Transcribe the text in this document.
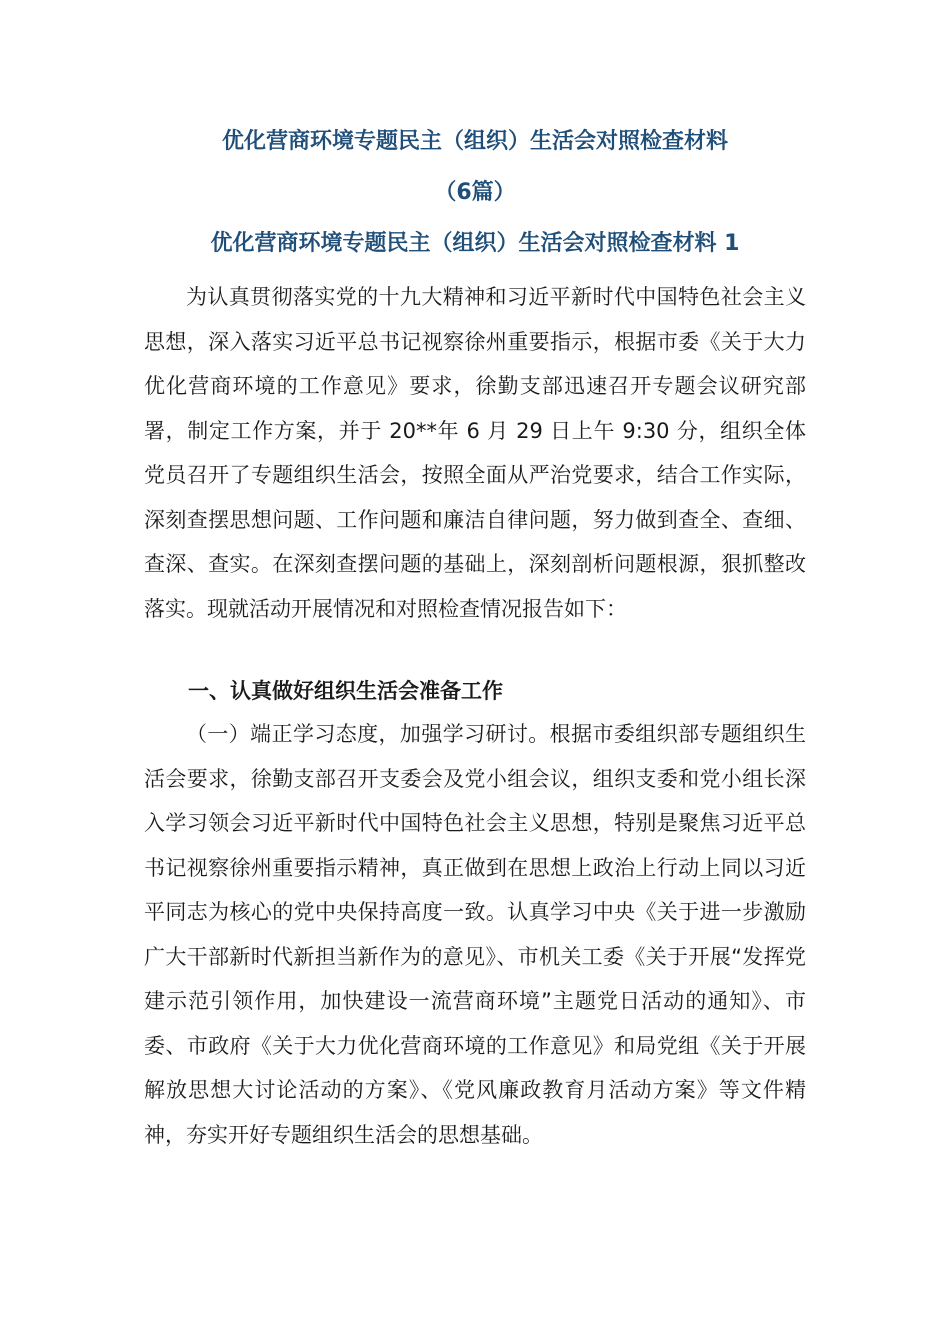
优化营商环境专题民主（组织）生活会对照检查材料
（6篇）
优化营商环境专题民主（组织）生活会对照检查材料 1

为认真贯彻落实党的十九大精神和习近平新时代中国特色社会主义思想，深入落实习近平总书记视察徐州重要指示，根据市委《关于大力优化营商环境的工作意见》要求，徐勤支部迅速召开专题会议研究部署，制定工作方案，并于 20**年 6 月 29 日上午 9:30 分，组织全体党员召开了专题组织生活会，按照全面从严治党要求，结合工作实际，深刻查摆思想问题、工作问题和廉洁自律问题，努力做到查全、查细、查深、查实。在深刻查摆问题的基础上，深刻剖析问题根源，狠抓整改落实。现就活动开展情况和对照检查情况报告如下：

一、认真做好组织生活会准备工作

（一）端正学习态度，加强学习研讨。根据市委组织部专题组织生活会要求，徐勤支部召开支委会及党小组会议，组织支委和党小组长深入学习领会习近平新时代中国特色社会主义思想，特别是聚焦习近平总书记视察徐州重要指示精神，真正做到在思想上政治上行动上同以习近平同志为核心的党中央保持高度一致。认真学习中央《关于进一步激励广大干部新时代新担当新作为的意见》、市机关工委《关于开展“发挥党建示范引领作用，加快建设一流营商环境”主题党日活动的通知》、市委、市政府《关于大力优化营商环境的工作意见》和局党组《关于开展解放思想大讨论活动的方案》、《党风廉政教育月活动方案》等文件精神，夯实开好专题组织生活会的思想基础。
